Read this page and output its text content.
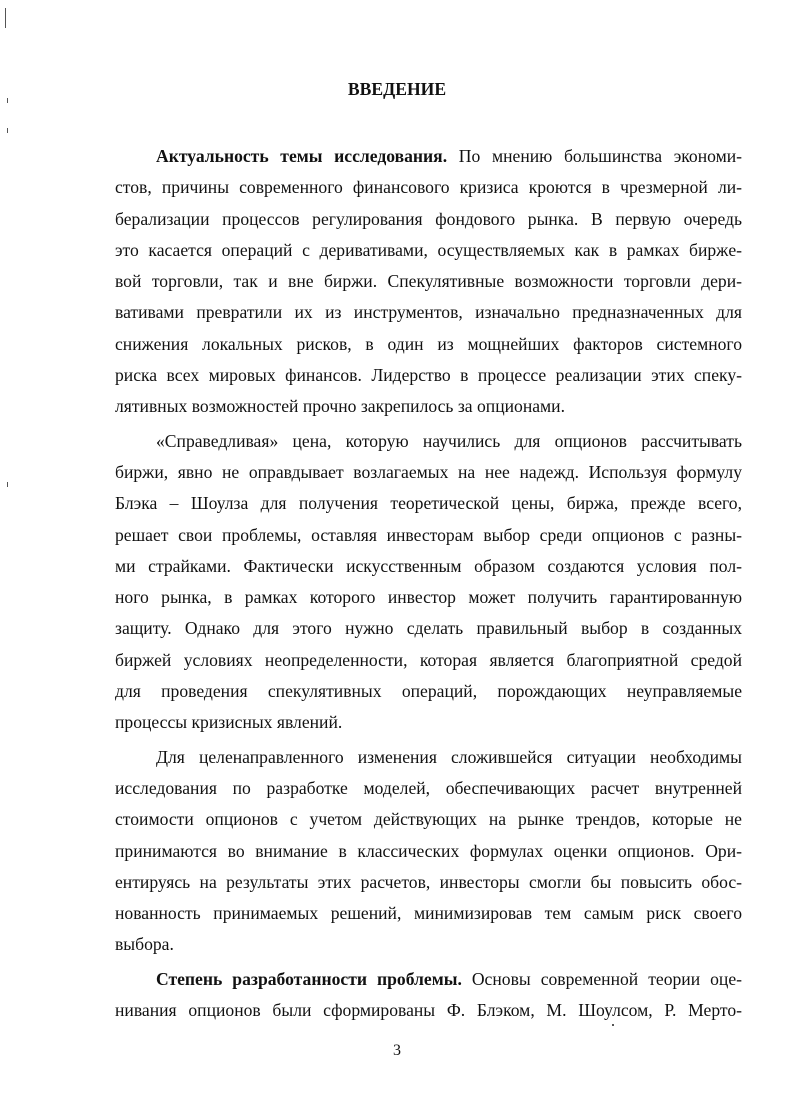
ВВЕДЕНИЕ
Актуальность темы исследования. По мнению большинства экономи-
стов, причины современного финансового кризиса кроются в чрезмерной ли-
берализации процессов регулирования фондового рынка. В первую очередь
это касается операций с деривативами, осуществляемых как в рамках биржe-
вой торговли, так и вне биржи. Спекулятивные возможности торговли дери-
вативами превратили их из инструментов, изначально предназначенных для
снижения локальных рисков, в один из мощнейших факторов системного
риска всех мировых финансов. Лидерство в процессе реализации этих спеку-
лятивных возможностей прочно закрепилось за опционами.
«Справедливая» цена, которую научились для опционов рассчитывать
биржи, явно не оправдывает возлагаемых на нее надежд. Используя формулу
Блэка – Шоулза для получения теоретической цены, биржа, прежде всего,
решает свои проблемы, оставляя инвесторам выбор среди опционов с разны-
ми страйками. Фактически искусственным образом создаются условия пол-
ного рынка, в рамках которого инвестор может получить гарантированную
защиту. Однако для этого нужно сделать правильный выбор в созданных
биржей условиях неопределенности, которая является благоприятной средой
для проведения спекулятивных операций, порождающих неуправляемые
процессы кризисных явлений.
Для целенаправленного изменения сложившейся ситуации необходимы
исследования по разработке моделей, обеспечивающих расчет внутренней
стоимости опционов с учетом действующих на рынке трендов, которые не
принимаются во внимание в классических формулах оценки опционов. Ори-
ентируясь на результаты этих расчетов, инвесторы смогли бы повысить обос-
нованность принимаемых решений, минимизировав тем самым риск своего
выбора.
Степень разработанности проблемы. Основы современной теории оце-
нивания опционов были сформированы Ф. Блэком, М. Шоулсом, Р. Мерто-
3
